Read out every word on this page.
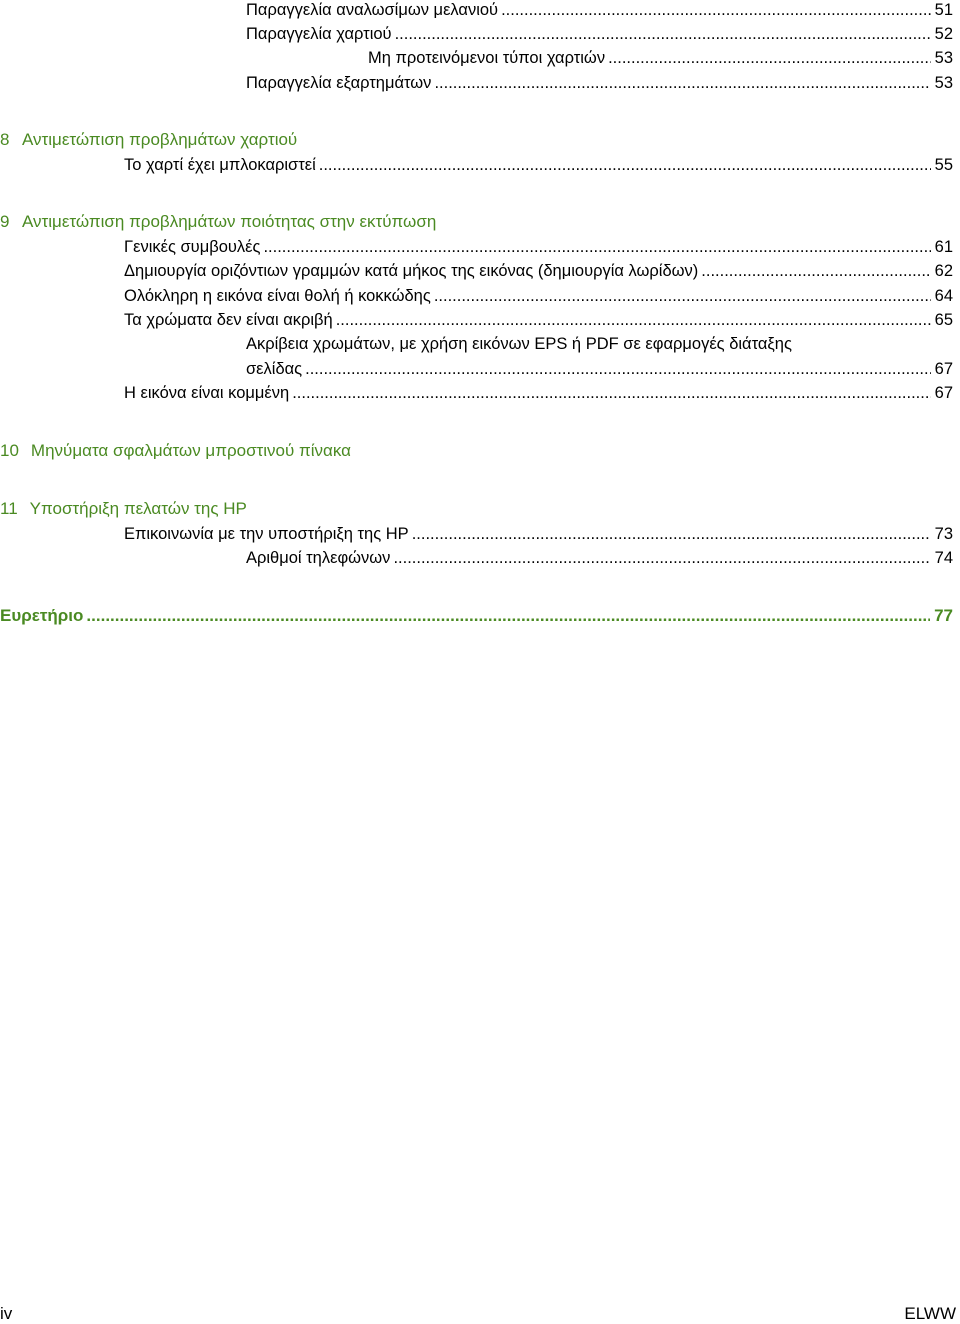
Παραγγελία αναλωσίμων μελανιού .....	51
Παραγγελία χαρτιού .....	52
Μη προτεινόμενοι τύποι χαρτιών .....	53
Παραγγελία εξαρτημάτων .....	53
8 Αντιμετώπιση προβλημάτων χαρτιού
Το χαρτί έχει μπλοκαριστεί .....	55
9 Αντιμετώπιση προβλημάτων ποιότητας στην εκτύπωση
Γενικές συμβουλές .....	61
Δημιουργία οριζόντιων γραμμών κατά μήκος της εικόνας (δημιουργία λωρίδων) .....	62
Ολόκληρη η εικόνα είναι θολή ή κοκκώδης .....	64
Τα χρώματα δεν είναι ακριβή .....	65
Ακρίβεια χρωμάτων, με χρήση εικόνων EPS ή PDF σε εφαρμογές διάταξης
σελίδας .....	67
Η εικόνα είναι κομμένη .....	67
10 Μηνύματα σφαλμάτων μπροστινού πίνακα
11 Υποστήριξη πελατών της HP
Επικοινωνία με την υποστήριξη της HP .....	73
Αριθμοί τηλεφώνων .....	74
Ευρετήριο .....	77
iv	ELWW
